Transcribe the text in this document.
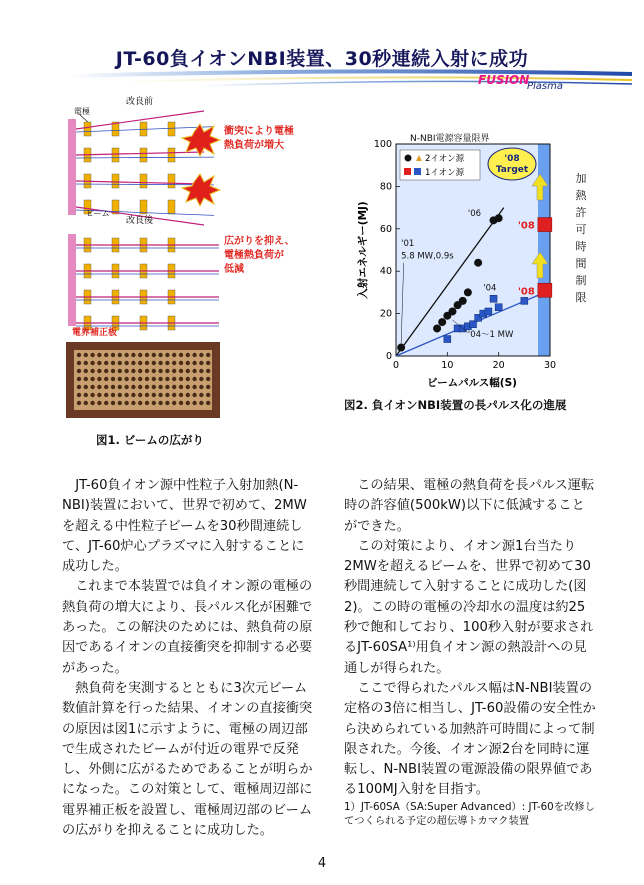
JT-60負イオンNBI装置、30秒連続入射に成功
FUSION
Plasma
改良前
電極
衝突により電極
熱負荷が増大
ビーム
改良後
広がりを抑え、
電極熱負荷が
低減
電界補正板
図1. ビームの広がり
0
20
40
60
80
100
0	10	20	30
'08
'08
'06
'04
'01
5.8 MW,0.9s
'04～1 MW
N-NBI電源容量限界
2イオン源
1イオン源
'08
Target
加
熱
許
可
時
間
制
限
入射エネルギー(MJ)
ビームパルス幅(S)
図2. 負イオンNBI装置の長パルス化の進展

JT-60負イオン源中性粒子入射加熱(N-NBI)装置において、世界で初めて、2MWを超える中性粒子ビームを30秒間連続して、JT-60炉心プラズマに入射することに成功した。

これまで本装置では負イオン源の電極の熱負荷の増大により、長パルス化が困難であった。この解決のためには、熱負荷の原因であるイオンの直接衝突を抑制する必要があった。

熱負荷を実測するとともに3次元ビーム数値計算を行った結果、イオンの直接衝突の原因は図1に示すように、電極の周辺部で生成されたビームが付近の電界で反発し、外側に広がるためであることが明らかになった。この対策として、電極周辺部に電界補正板を設置し、電極周辺部のビームの広がりを抑えることに成功した。

この結果、電極の熱負荷を長パルス運転時の許容値(500kW)以下に低減することができた。

この対策により、イオン源1台当たり2MWを超えるビームを、世界で初めて30秒間連続して入射することに成功した(図2)。この時の電極の冷却水の温度は約25秒で飽和しており、100秒入射が要求されるJT-60SA¹⁾用負イオン源の熱設計への見通しが得られた。

ここで得られたパルス幅はN-NBI装置の定格の3倍に相当し、JT-60設備の安全性から決められている加熱許可時間によって制限された。今後、イオン源2台を同時に運転し、N-NBI装置の電源設備の限界値である100MJ入射を目指す。

1）JT-60SA（SA:Super Advanced）: JT-60を改修してつくられる予定の超伝導トカマク装置
4
